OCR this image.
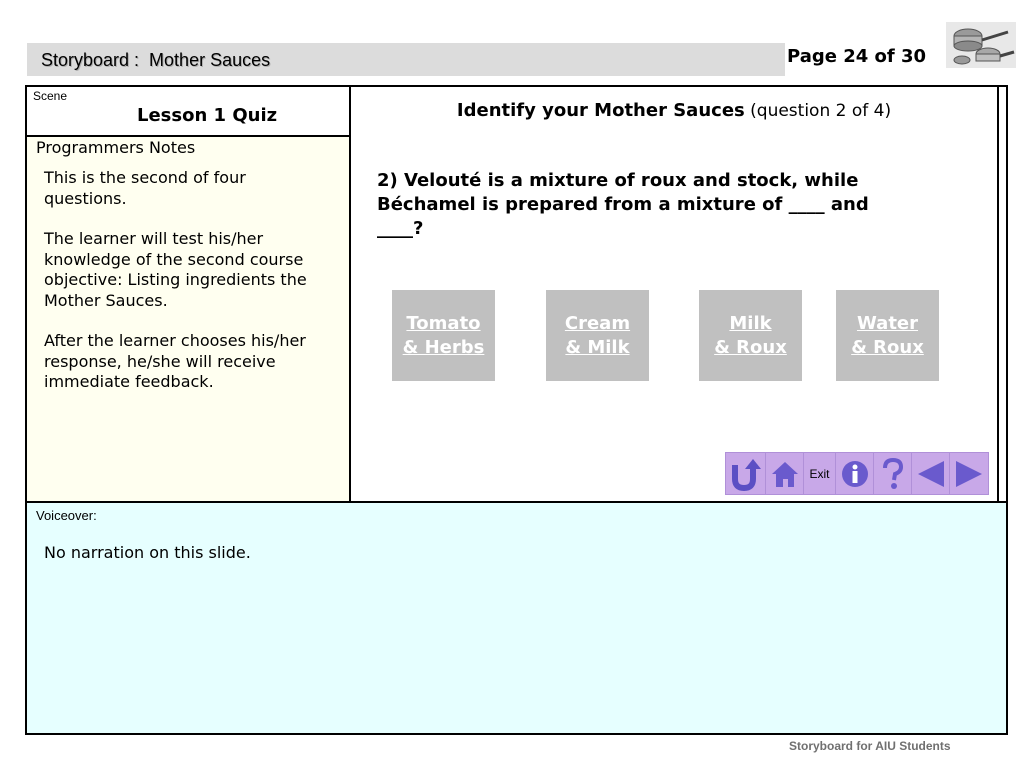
Storyboard :  Mother Sauces	Page 24 of 30
Scene
Lesson 1 Quiz
Programmers Notes

This is the second of four questions.

The learner will test his/her knowledge of the second course objective: Listing ingredients the Mother Sauces.

After the learner chooses his/her response, he/she will receive immediate feedback.

Identify your Mother Sauces (question 2 of 4)
2) Velouté is a mixture of roux and stock, while Béchamel is prepared from a mixture of ____ and ____?
Tomato
& Herbs
Cream
& Milk
Milk
& Roux
Water
& Roux
Exit
Voiceover:
No narration on this slide.
Storyboard for AIU Students
